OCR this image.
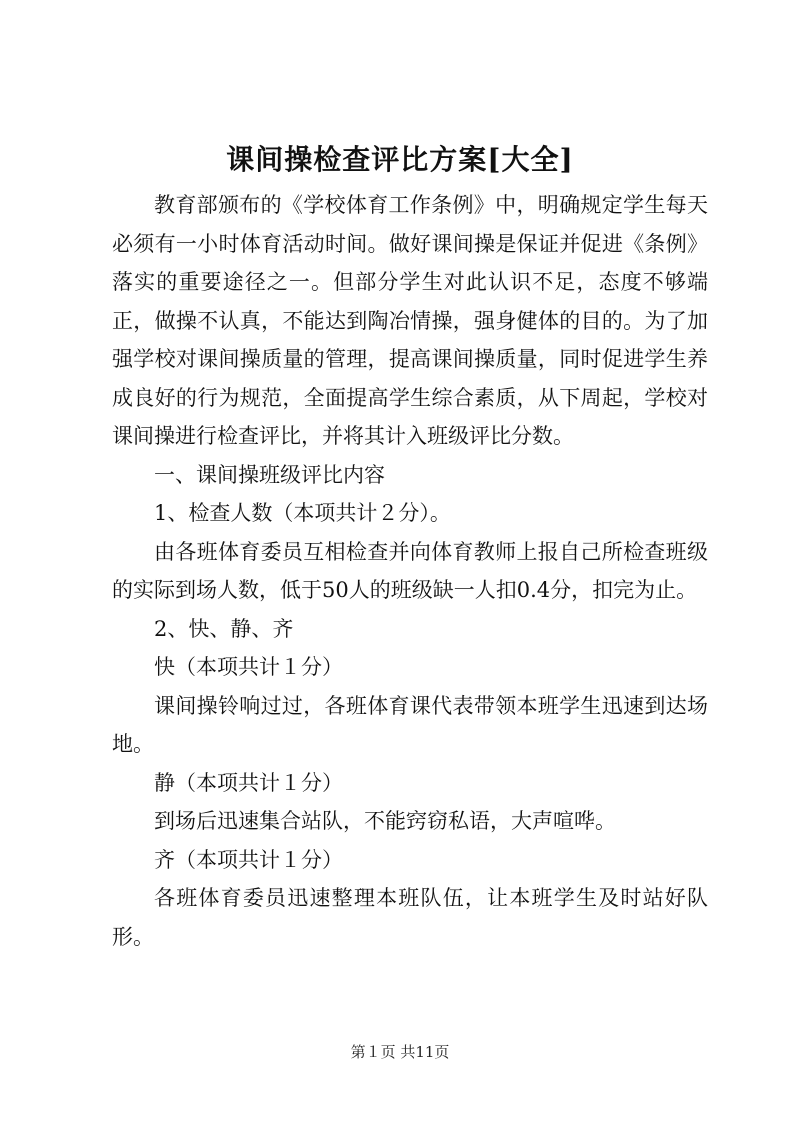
课间操检查评比方案[大全]

教育部颁布的《学校体育工作条例》中，明确规定学生每天必须有一小时体育活动时间。做好课间操是保证并促进《条例》落实的重要途径之一。但部分学生对此认识不足，态度不够端正，做操不认真，不能达到陶冶情操，强身健体的目的。为了加强学校对课间操质量的管理，提高课间操质量，同时促进学生养成良好的行为规范，全面提高学生综合素质，从下周起，学校对课间操进行检查评比，并将其计入班级评比分数。

一、课间操班级评比内容

1、检查人数（本项共计２分）。

由各班体育委员互相检查并向体育教师上报自己所检查班级的实际到场人数，低于50人的班级缺一人扣0.4分，扣完为止。

2、快、静、齐

快（本项共计１分）

课间操铃响过过，各班体育课代表带领本班学生迅速到达场地。

静（本项共计１分）

到场后迅速集合站队，不能窍窃私语，大声喧哗。

齐（本项共计１分）

各班体育委员迅速整理本班队伍，让本班学生及时站好队形。

第１页 共11页
